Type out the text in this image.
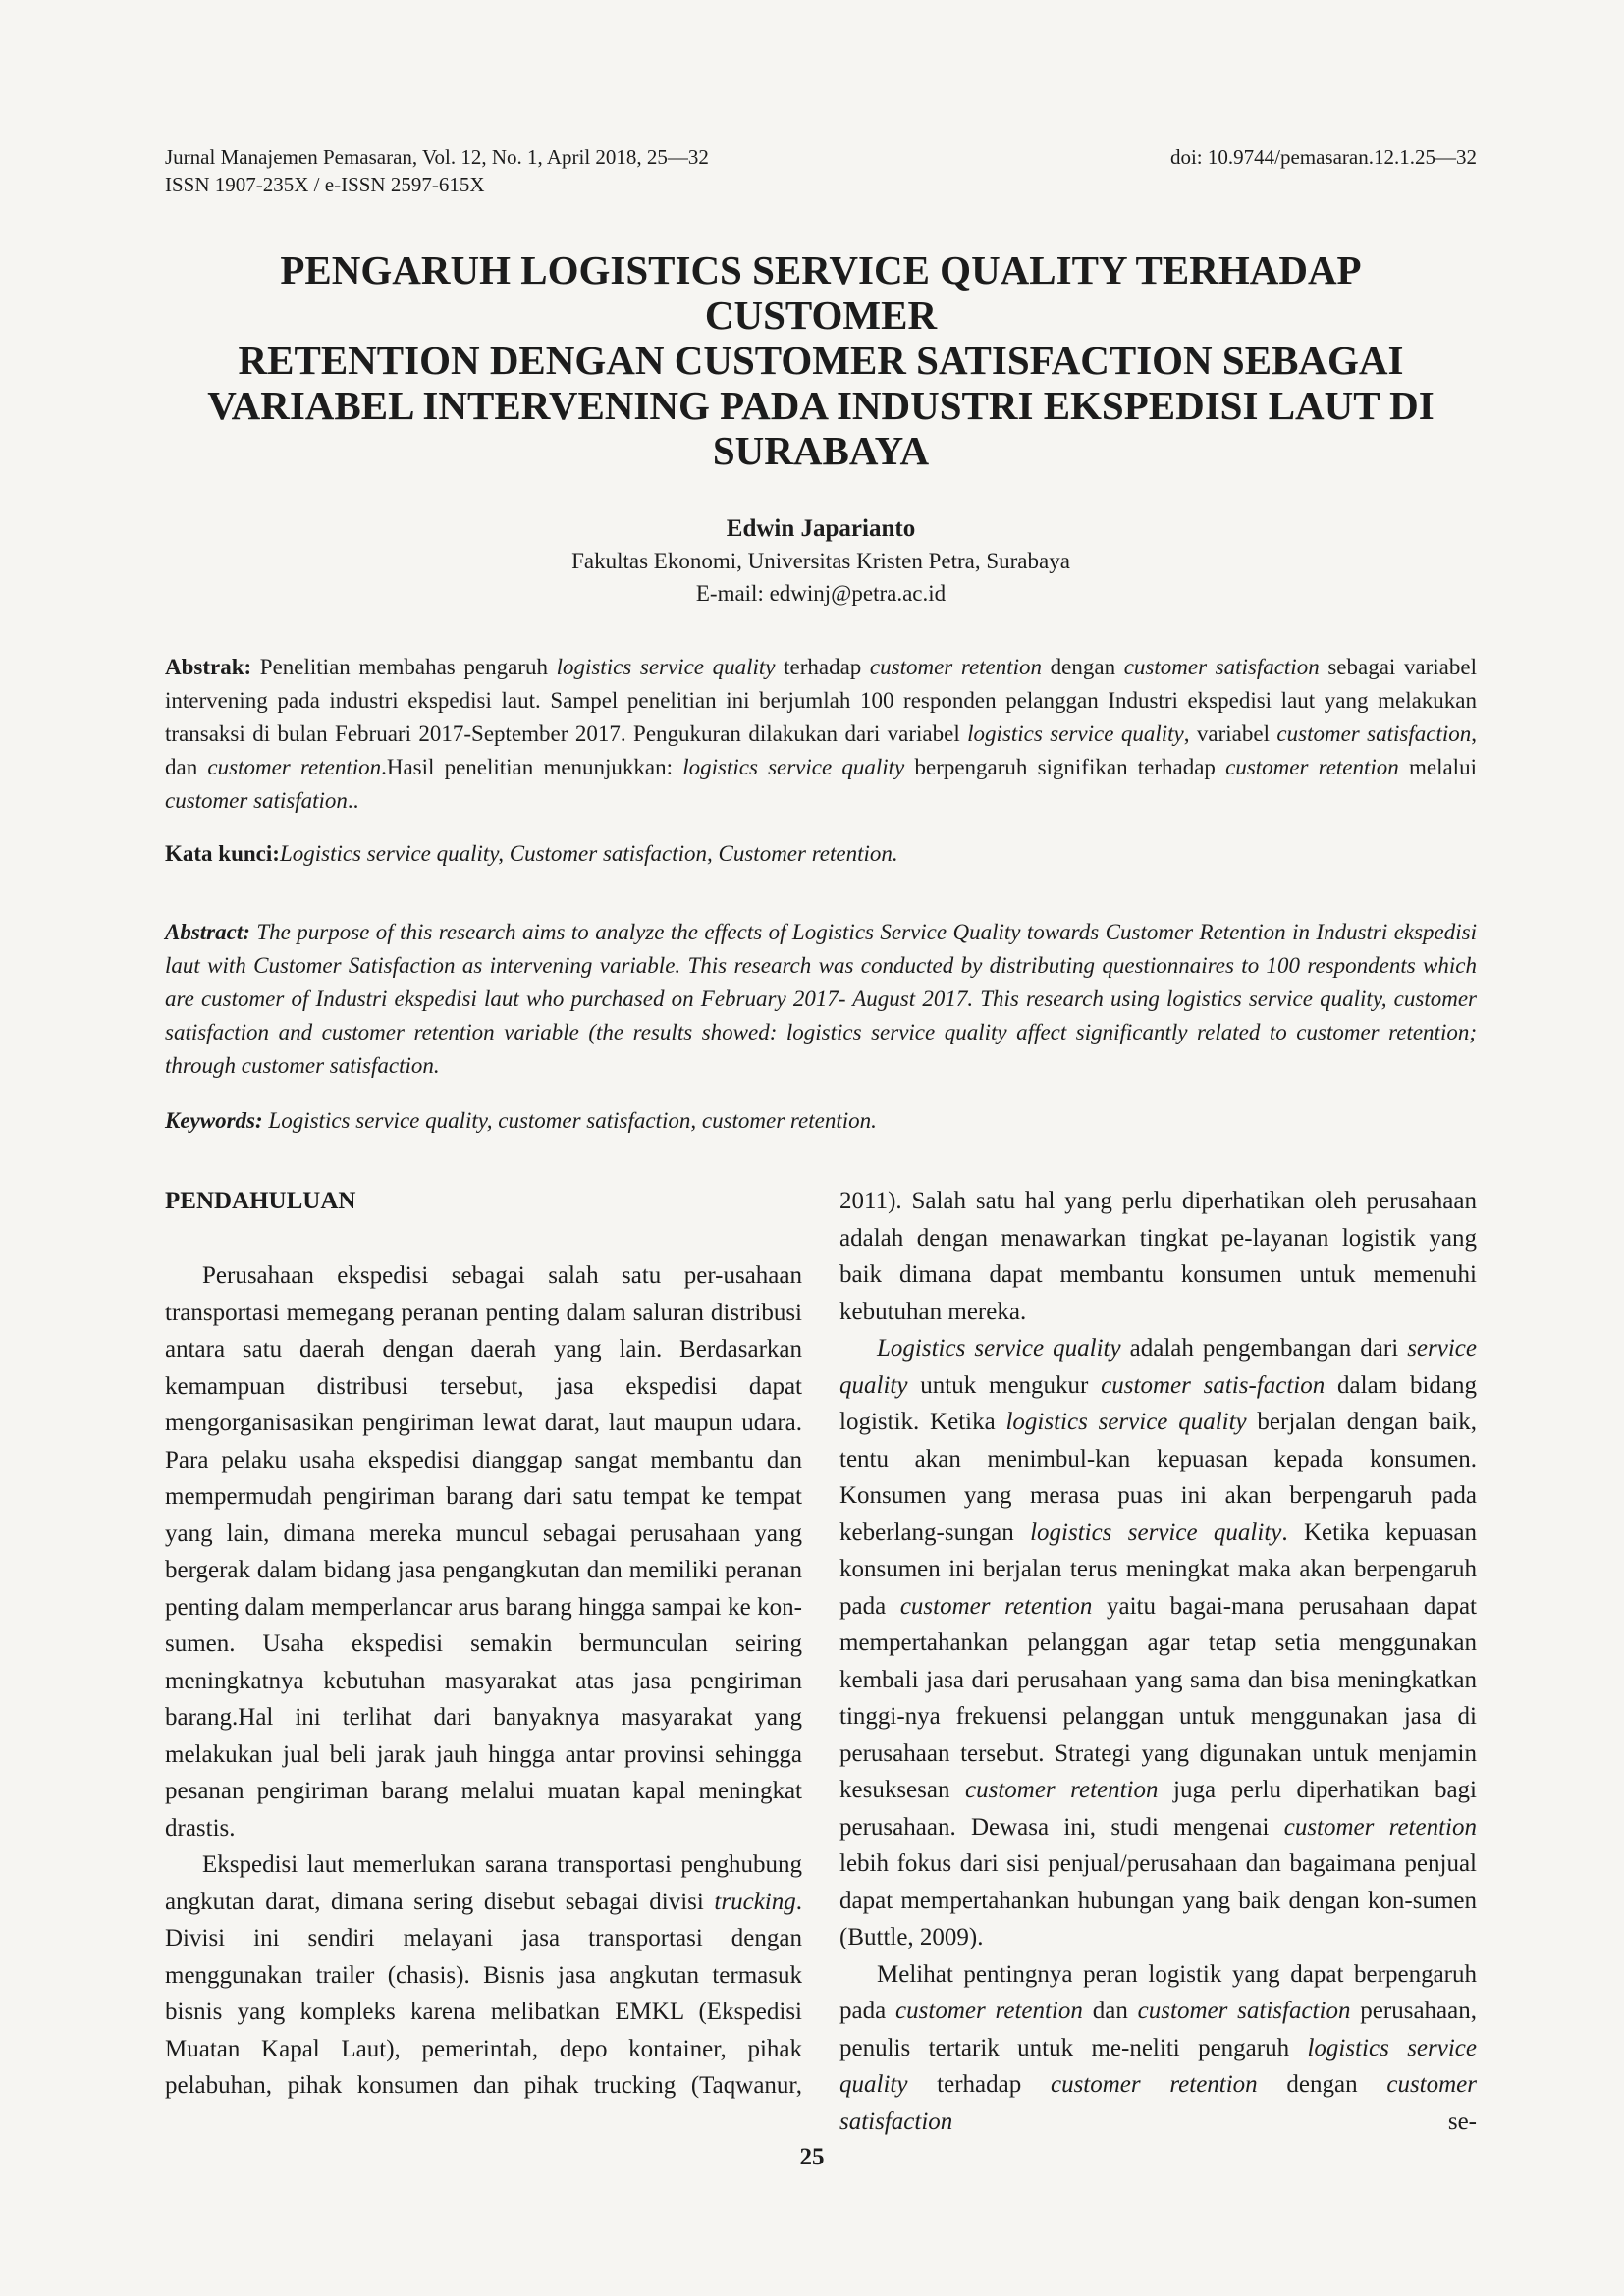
Jurnal Manajemen Pemasaran, Vol. 12, No. 1, April 2018, 25—32
ISSN 1907-235X / e-ISSN 2597-615X
doi: 10.9744/pemasaran.12.1.25—32
PENGARUH LOGISTICS SERVICE QUALITY TERHADAP CUSTOMER
RETENTION DENGAN CUSTOMER SATISFACTION SEBAGAI
VARIABEL INTERVENING PADA INDUSTRI EKSPEDISI LAUT DI
SURABAYA
Edwin Japarianto
Fakultas Ekonomi, Universitas Kristen Petra, Surabaya
E-mail: edwinj@petra.ac.id

Abstrak: Penelitian membahas pengaruh logistics service quality terhadap customer retention dengan customer satisfaction sebagai variabel intervening pada industri ekspedisi laut. Sampel penelitian ini berjumlah 100 responden pelanggan Industri ekspedisi laut yang melakukan transaksi di bulan Februari 2017-September 2017. Pengukuran dilakukan dari variabel logistics service quality, variabel customer satisfaction, dan customer retention.Hasil penelitian menunjukkan: logistics service quality berpengaruh signifikan terhadap customer retention melalui customer satisfation..

Kata kunci:Logistics service quality, Customer satisfaction, Customer retention.

Abstract: The purpose of this research aims to analyze the effects of Logistics Service Quality towards Customer Retention in Industri ekspedisi laut with Customer Satisfaction as intervening variable. This research was conducted by distributing questionnaires to 100 respondents which are customer of Industri ekspedisi laut who purchased on February 2017- August 2017. This research using logistics service quality, customer satisfaction and customer retention variable (the results showed: logistics service quality affect significantly related to customer retention; through customer satisfaction.

Keywords: Logistics service quality, customer satisfaction, customer retention.

PENDAHULUAN

Perusahaan ekspedisi sebagai salah satu per-usahaan transportasi memegang peranan penting dalam saluran distribusi antara satu daerah dengan daerah yang lain. Berdasarkan kemampuan distribusi tersebut, jasa ekspedisi dapat mengorganisasikan pengiriman lewat darat, laut maupun udara. Para pelaku usaha ekspedisi dianggap sangat membantu dan mempermudah pengiriman barang dari satu tempat ke tempat yang lain, dimana mereka muncul sebagai perusahaan yang bergerak dalam bidang jasa pengangkutan dan memiliki peranan penting dalam memperlancar arus barang hingga sampai ke kon-sumen. Usaha ekspedisi semakin bermunculan seiring meningkatnya kebutuhan masyarakat atas jasa pengiriman barang.Hal ini terlihat dari banyaknya masyarakat yang melakukan jual beli jarak jauh hingga antar provinsi sehingga pesanan pengiriman barang melalui muatan kapal meningkat drastis.

Ekspedisi laut memerlukan sarana transportasi penghubung angkutan darat, dimana sering disebut sebagai divisi trucking. Divisi ini sendiri melayani jasa transportasi dengan menggunakan trailer (chasis). Bisnis jasa angkutan termasuk bisnis yang kompleks karena melibatkan EMKL (Ekspedisi Muatan Kapal Laut), pemerintah, depo kontainer, pihak pelabuhan, pihak konsumen dan pihak trucking (Taqwanur,

2011). Salah satu hal yang perlu diperhatikan oleh perusahaan adalah dengan menawarkan tingkat pe-layanan logistik yang baik dimana dapat membantu konsumen untuk memenuhi kebutuhan mereka.

Logistics service quality adalah pengembangan dari service quality untuk mengukur customer satis-faction dalam bidang logistik. Ketika logistics service quality berjalan dengan baik, tentu akan menimbul-kan kepuasan kepada konsumen. Konsumen yang merasa puas ini akan berpengaruh pada keberlang-sungan logistics service quality. Ketika kepuasan konsumen ini berjalan terus meningkat maka akan berpengaruh pada customer retention yaitu bagai-mana perusahaan dapat mempertahankan pelanggan agar tetap setia menggunakan kembali jasa dari perusahaan yang sama dan bisa meningkatkan tinggi-nya frekuensi pelanggan untuk menggunakan jasa di perusahaan tersebut. Strategi yang digunakan untuk menjamin kesuksesan customer retention juga perlu diperhatikan bagi perusahaan. Dewasa ini, studi mengenai customer retention lebih fokus dari sisi penjual/perusahaan dan bagaimana penjual dapat mempertahankan hubungan yang baik dengan kon-sumen (Buttle, 2009).

Melihat pentingnya peran logistik yang dapat berpengaruh pada customer retention dan customer satisfaction perusahaan, penulis tertarik untuk me-neliti pengaruh logistics service quality terhadap customer retention dengan customer satisfaction se-

25
